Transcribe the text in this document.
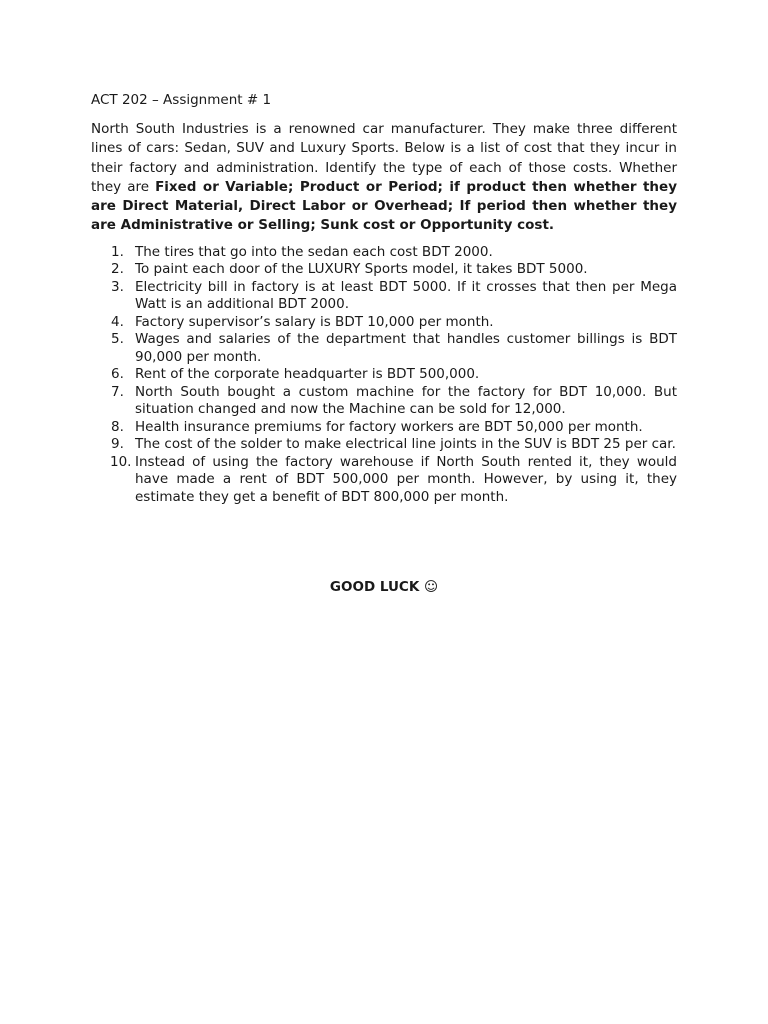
ACT 202 – Assignment # 1

North South Industries is a renowned car manufacturer. They make three different lines of cars: Sedan, SUV and Luxury Sports. Below is a list of cost that they incur in their factory and administration. Identify the type of each of those costs. Whether they are Fixed or Variable; Product or Period; if product then whether they are Direct Material, Direct Labor or Overhead; If period then whether they are Administrative or Selling; Sunk cost or Opportunity cost.

1. The tires that go into the sedan each cost BDT 2000.
2. To paint each door of the LUXURY Sports model, it takes BDT 5000.
3. Electricity bill in factory is at least BDT 5000. If it crosses that then per Mega Watt is an additional BDT 2000.
4. Factory supervisor’s salary is BDT 10,000 per month.
5. Wages and salaries of the department that handles customer billings is BDT 90,000 per month.
6. Rent of the corporate headquarter is BDT 500,000.
7. North South bought a custom machine for the factory for BDT 10,000. But situation changed and now the Machine can be sold for 12,000.
8. Health insurance premiums for factory workers are BDT 50,000 per month.
9. The cost of the solder to make electrical line joints in the SUV is BDT 25 per car.
10. Instead of using the factory warehouse if North South rented it, they would have made a rent of BDT 500,000 per month. However, by using it, they estimate they get a benefit of BDT 800,000 per month.
GOOD LUCK ☺
